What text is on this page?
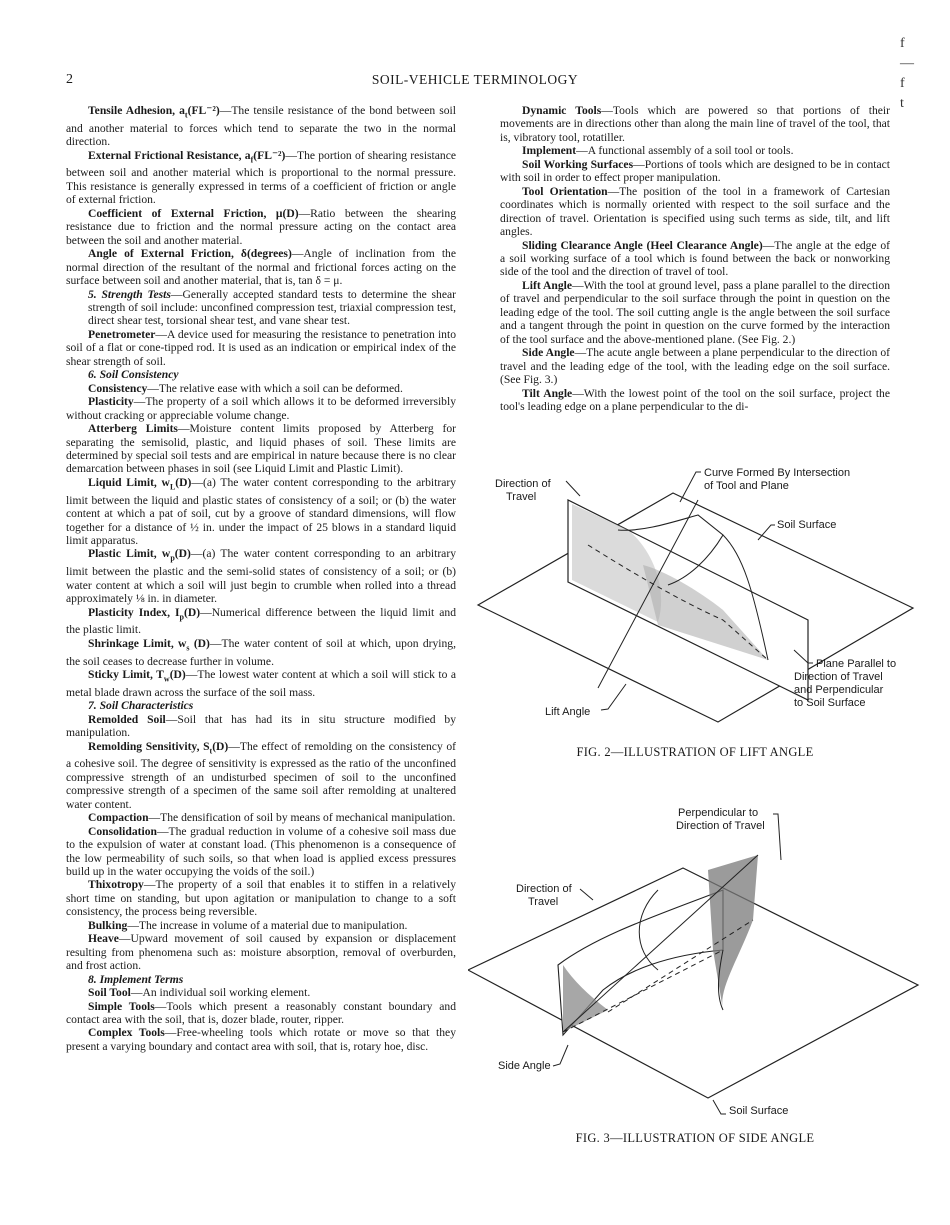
2	SOIL-VEHICLE TERMINOLOGY
f
—
f
t

Tensile Adhesion, $a_t(FL^{-2})—The$ tensile resistance of the bond between soil and another material to forces which tend to separate the two in the normal direction.

External Frictional Resistance, $a_f(FL^{-2})—The$ portion of shearing resistance between soil and another material which is proportional to the normal pressure. This resistance is generally expressed in terms of a coefficient of friction or angle of external friction.

Coefficient of External Friction, μ(D)—Ratio between the shearing resistance due to friction and the normal pressure acting on the contact area between the soil and another material.

Angle of External Friction, δ(degrees)—Angle of inclination from the normal direction of the resultant of the normal and frictional forces acting on the surface between soil and another material, that is, tan δ = μ.

5. Strength Tests—Generally accepted standard tests to determine the shear strength of soil include: unconfined compression test, triaxial compression test, direct shear test, torsional shear test, and vane shear test.

Penetrometer—A device used for measuring the resistance to penetration into soil of a flat or cone-tipped rod. It is used as an indication or empirical index of the shear strength of soil.

6. Soil Consistency

Consistency—The relative ease with which a soil can be deformed.

Plasticity—The property of a soil which allows it to be deformed irreversibly without cracking or appreciable volume change.

Atterberg Limits—Moisture content limits proposed by Atterberg for separating the semisolid, plastic, and liquid phases of soil. These limits are determined by special soil tests and are empirical in nature because there is no clear demarcation between phases in soil (see Liquid Limit and Plastic Limit).

Liquid Limit, $w_L(D)—(a)$ The water content corresponding to the arbitrary limit between the liquid and plastic states of consistency of a soil; or (b) the water content at which a pat of soil, cut by a groove of standard dimensions, will flow together for a distance of ½ in. under the impact of 25 blows in a standard liquid limit apparatus.

Plastic Limit, $w_p(D)—(a)$ The water content corresponding to an arbitrary limit between the plastic and the semi-solid states of consistency of a soil; or (b) water content at which a soil will just begin to crumble when rolled into a thread approximately ⅛ in. in diameter.

Plasticity Index, $I_p(D)—Numerical$ difference between the liquid limit and the plastic limit.

Shrinkage Limit, $w_s$ (D)—The water content of soil at which, upon drying, the soil ceases to decrease further in volume.

Sticky Limit, $T_w(D)—The$ lowest water content at which a soil will stick to a metal blade drawn across the surface of the soil mass.

7. Soil Characteristics

Remolded Soil—Soil that has had its in situ structure modified by manipulation.

Remolding Sensitivity, $S_t(D)—The$ effect of remolding on the consistency of a cohesive soil. The degree of sensitivity is expressed as the ratio of the unconfined compressive strength of an undisturbed specimen of soil to the unconfined compressive strength of a specimen of the same soil after remolding at unaltered water content.

Compaction—The densification of soil by means of mechanical manipulation.

Consolidation—The gradual reduction in volume of a cohesive soil mass due to the expulsion of water at constant load. (This phenomenon is a consequence of the low permeability of such soils, so that when load is applied excess pressures build up in the water occupying the voids of the soil.)

Thixotropy—The property of a soil that enables it to stiffen in a relatively short time on standing, but upon agitation or manipulation to change to a soft consistency, the process being reversible.

Bulking—The increase in volume of a material due to manipulation.

Heave—Upward movement of soil caused by expansion or displacement resulting from phenomena such as: moisture absorption, removal of overburden, and frost action.

8. Implement Terms

Soil Tool—An individual soil working element.

Simple Tools—Tools which present a reasonably constant boundary and contact area with the soil, that is, dozer blade, router, ripper.

Complex Tools—Free-wheeling tools which rotate or move so that they present a varying boundary and contact area with soil, that is, rotary hoe, disc.

Dynamic Tools—Tools which are powered so that portions of their movements are in directions other than along the main line of travel of the tool, that is, vibratory tool, rotatiller.

Implement—A functional assembly of a soil tool or tools.

Soil Working Surfaces—Portions of tools which are designed to be in contact with soil in order to effect proper manipulation.

Tool Orientation—The position of the tool in a framework of Cartesian coordinates which is normally oriented with respect to the soil surface and the direction of travel. Orientation is specified using such terms as side, tilt, and lift angles.

Sliding Clearance Angle (Heel Clearance Angle)—The angle at the edge of a soil working surface of a tool which is found between the back or nonworking side of the tool and the direction of travel of tool.

Lift Angle—With the tool at ground level, pass a plane parallel to the direction of travel and perpendicular to the soil surface through the point in question on the leading edge of the tool. The soil cutting angle is the angle between the soil surface and a tangent through the point in question on the curve formed by the interaction of the tool surface and the above-mentioned plane. (See Fig. 2.)

Side Angle—The acute angle between a plane perpendicular to the direction of travel and the leading edge of the tool, with the leading edge on the soil surface. (See Fig. 3.)

Tilt Angle—With the lowest point of the tool on the soil surface, project the tool's leading edge on a plane perpendicular to the di-

Direction of
Travel
Curve Formed By Intersection
of Tool and Plane
Soil Surface
Plane Parallel to
Direction of Travel
and Perpendicular
to Soil Surface
Lift Angle
FIG. 2—ILLUSTRATION OF LIFT ANGLE
Perpendicular to
Direction of Travel
Direction of
Travel
Side Angle
Soil Surface
FIG. 3—ILLUSTRATION OF SIDE ANGLE
